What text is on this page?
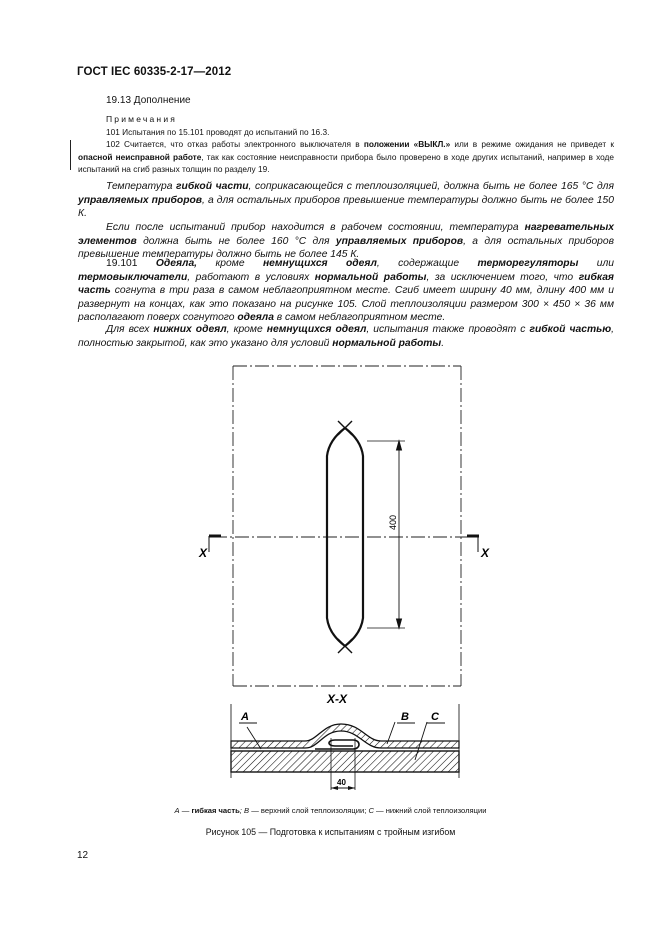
ГОСТ IEC 60335-2-17—2012
19.13 Дополнение
Примечания
101 Испытания по 15.101 проводят до испытаний по 16.3.
102 Считается, что отказ работы электронного выключателя в положении «ВЫКЛ.» или в режиме ожидания не приведет к опасной неисправной работе, так как состояние неисправности прибора было проверено в ходе других испытаний, например в ходе испытаний на сгиб разных толщин по разделу 19.
Температура гибкой части, соприкасающейся с теплоизоляцией, должна быть не более 165 °С для управляемых приборов, а для остальных приборов превышение температуры должно быть не более 150 К.
Если после испытаний прибор находится в рабочем состоянии, температура нагревательных элементов должна быть не более 160 °С для управляемых приборов, а для остальных приборов превышение температуры должно быть не более 145 К.
19.101 Одеяла, кроме немнущихся одеял, содержащие терморегуляторы или термовыключатели, работают в условиях нормальной работы, за исключением того, что гибкая часть согнута в три раза в самом неблагоприятном месте. Сгиб имеет ширину 40 мм, длину 400 мм и развернут на концах, как это показано на рисунке 105. Слой теплоизоляции размером 300 × 450 × 36 мм располагают поверх согнутого одеяла в самом неблагоприятном месте.
Для всех нижних одеял, кроме немнущихся одеял, испытания также проводят с гибкой частью, полностью закрытой, как это указано для условий нормальной работы.
X	X
400
X-X
A	B C
40
A — гибкая часть; B — верхний слой теплоизоляции; C — нижний слой теплоизоляции
Рисунок 105 — Подготовка к испытаниям с тройным изгибом
12
